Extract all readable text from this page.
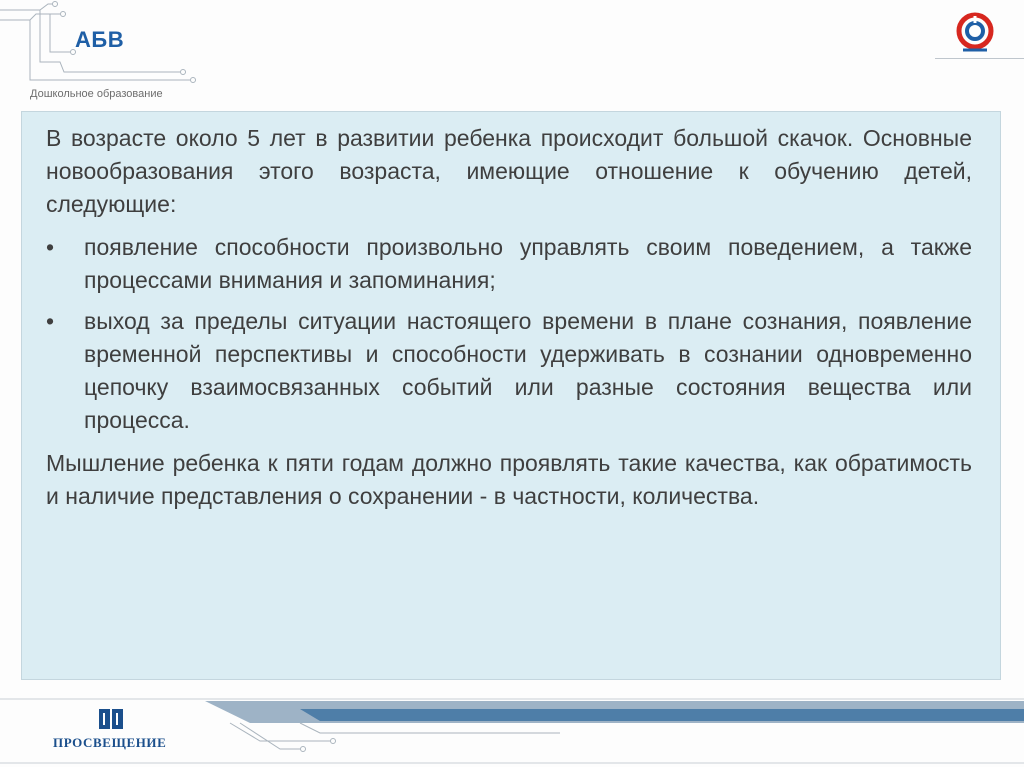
АБВ
Дошкольное образование

В возрасте около 5 лет в развитии ребенка происходит большой скачок. Основные новообразования этого возраста, имеющие отношение к обучению детей, следующие:

•	появление способности произвольно управлять своим поведением, а также процессами внимания и запоминания;
•	выход за пределы ситуации настоящего времени в плане сознания, появление временной перспективы и способности удерживать в сознании одновременно цепочку взаимосвязанных событий или разные состояния вещества или процесса.

Мышление ребенка к пяти годам должно проявлять такие качества, как обратимость и наличие представления о сохранении - в частности, количества.

ПРОСВЕЩЕНИЕ
